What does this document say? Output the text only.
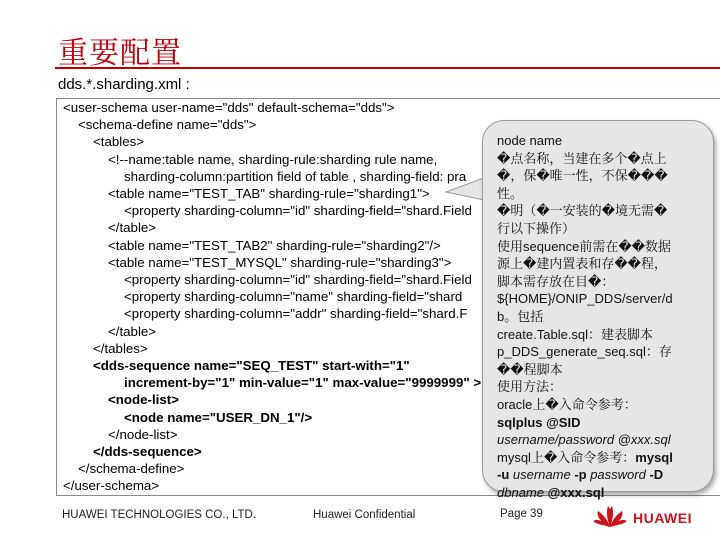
重要配置
dds.*.sharding.xml :
<user-schema user-name="dds" default-schema="dds">
<schema-define name="dds">
<tables>
<!--name:table name, sharding-rule:sharding rule name,
sharding-column:partition field of table , sharding-field: pra
<table name="TEST_TAB" sharding-rule="sharding1">
<property sharding-column="id" sharding-field="shard.Field
</table>
<table name="TEST_TAB2" sharding-rule="sharding2"/>
<table name="TEST_MYSQL" sharding-rule="sharding3">
<property sharding-column="id" sharding-field="shard.Field
<property sharding-column="name" sharding-field="shard
<property sharding-column="addr" sharding-field="shard.F
</table>
</tables>
<dds-sequence name="SEQ_TEST" start-with="1"
increment-by="1" min-value="1" max-value="9999999" >
<node-list>
<node name="USER_DN_1"/>
</node-list>
</dds-sequence>
</schema-define>
</user-schema>
node name
�点名称，当建在多个�点上
�，保�唯一性，不保���
性。
�明（�一安装的�境无需�
行以下操作）
使用sequence前需在��数据
源上�建内置表和存��程，
脚本需存放在目�：
${HOME}/ONIP_DDS/server/d
b。包括
create.Table.sql：建表脚本
p_DDS_generate_seq.sql：存
��程脚本
使用方法：
oracle上�入命令参考：
sqlplus @SID
username/password @xxx.sql
mysql上�入命令参考：mysql
-u username -p password -D
dbname @xxx.sql
HUAWEI TECHNOLOGIES CO., LTD.	Huawei Confidential	Page 39	HUAWEI
